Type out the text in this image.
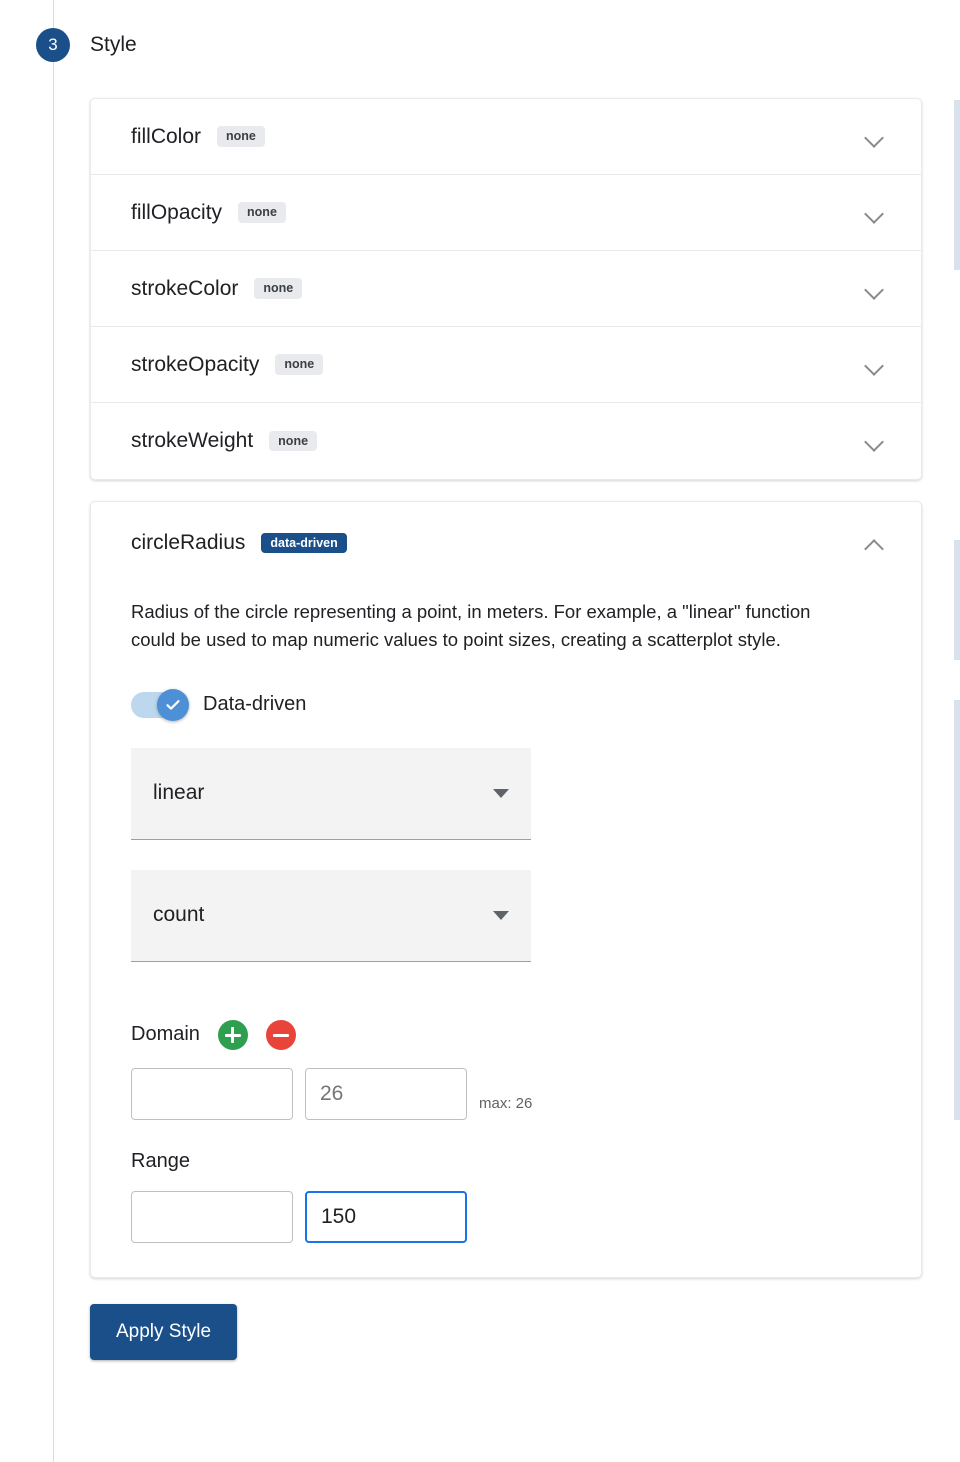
3	Style
fillColor	none
fillOpacity	none
strokeColor	none
strokeOpacity	none
strokeWeight	none
circleRadius	data-driven

Radius of the circle representing a point, in meters. For example, a "linear" function could be used to map numeric values to point sizes, creating a scatterplot style.

Data-driven
linear
count
Domain
26
max: 26
Range
150
Apply Style
